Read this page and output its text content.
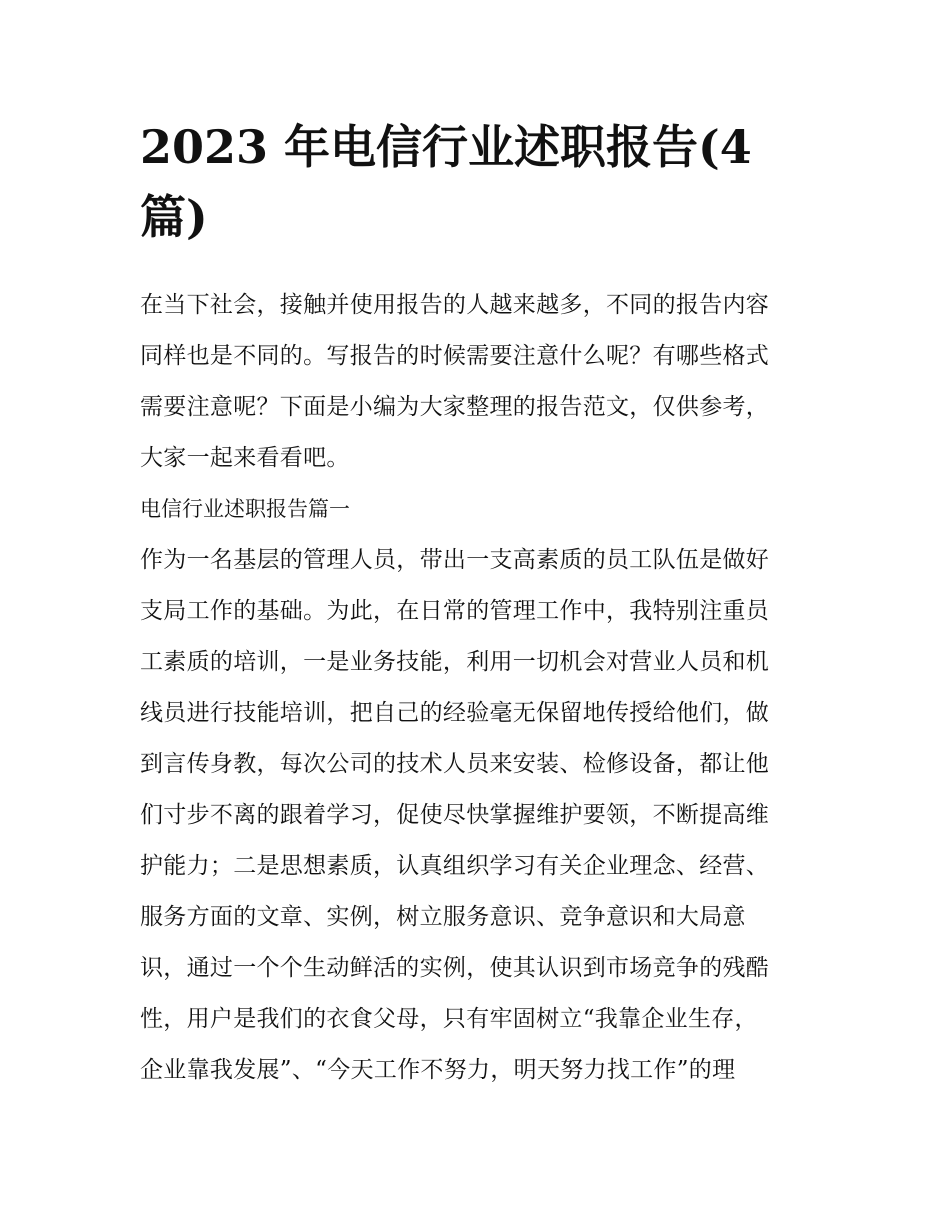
2023 年电信行业述职报告(4
篇)
在当下社会，接触并使用报告的人越来越多，不同的报告内容
同样也是不同的。写报告的时候需要注意什么呢？有哪些格式
需要注意呢？下面是小编为大家整理的报告范文，仅供参考，
大家一起来看看吧。
电信行业述职报告篇一
作为一名基层的管理人员，带出一支高素质的员工队伍是做好
支局工作的基础。为此，在日常的管理工作中，我特别注重员
工素质的培训，一是业务技能，利用一切机会对营业人员和机
线员进行技能培训，把自己的经验毫无保留地传授给他们，做
到言传身教，每次公司的技术人员来安装、检修设备，都让他
们寸步不离的跟着学习，促使尽快掌握维护要领，不断提高维
护能力；二是思想素质，认真组织学习有关企业理念、经营、
服务方面的文章、实例，树立服务意识、竞争意识和大局意
识，通过一个个生动鲜活的实例，使其认识到市场竞争的残酷
性，用户是我们的衣食父母，只有牢固树立“我靠企业生存，
企业靠我发展”、“今天工作不努力，明天努力找工作”的理
